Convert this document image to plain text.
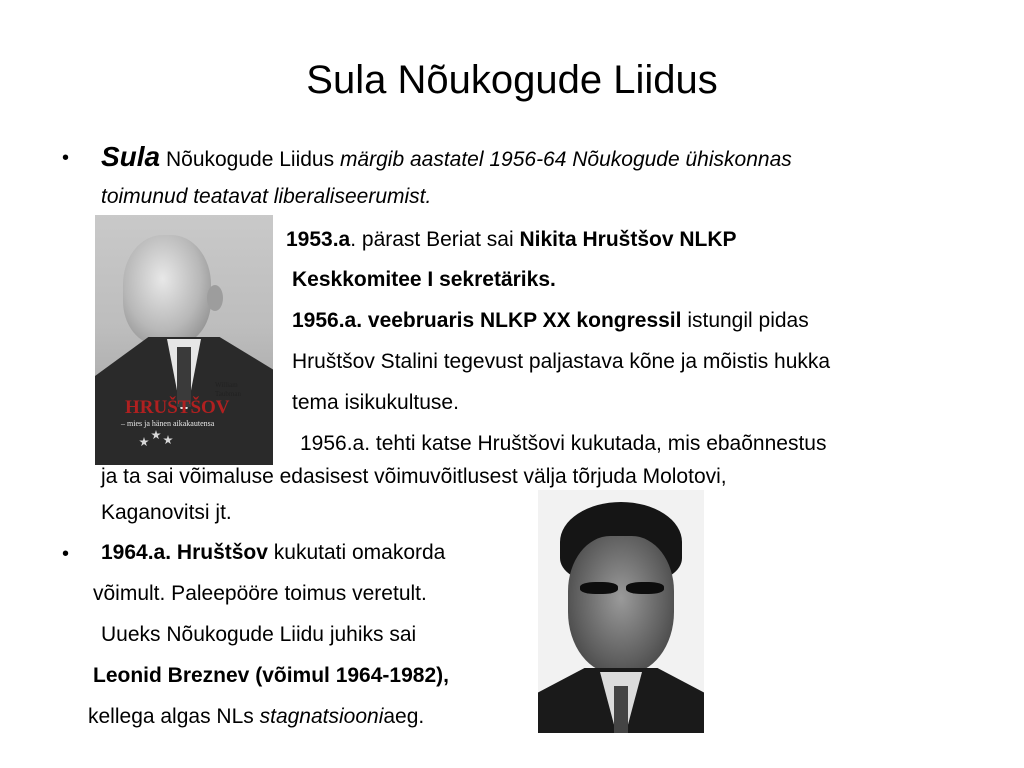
Sula Nõukogude Liidus
• Sula Nõukogude Liidus märgib aastatel 1956-64 Nõukogude ühiskonnas
toimunud teatavat liberaliseerumist.
William Taubman
HRUŠTŠOV
– mies ja hänen aikakautensa
1953.a. pärast Beriat sai Nikita Hruštšov NLKP
Keskkomitee I sekretäriks.
1956.a. veebruaris NLKP XX kongressil istungil pidas
Hruštšov Stalini tegevust paljastava kõne ja mõistis hukka
tema isikukultuse.
1956.a. tehti katse Hruštšovi kukutada, mis ebaõnnestus
ja ta sai võimaluse edasisest võimuvõitlusest välja tõrjuda Molotovi,
Kaganovitsi jt.
• 1964.a. Hruštšov kukutati omakorda
võimult. Paleepööre toimus veretult.
Uueks Nõukogude Liidu juhiks sai
Leonid Breznev (võimul 1964-1982),
kellega algas NLs stagnatsiooniaeg.
